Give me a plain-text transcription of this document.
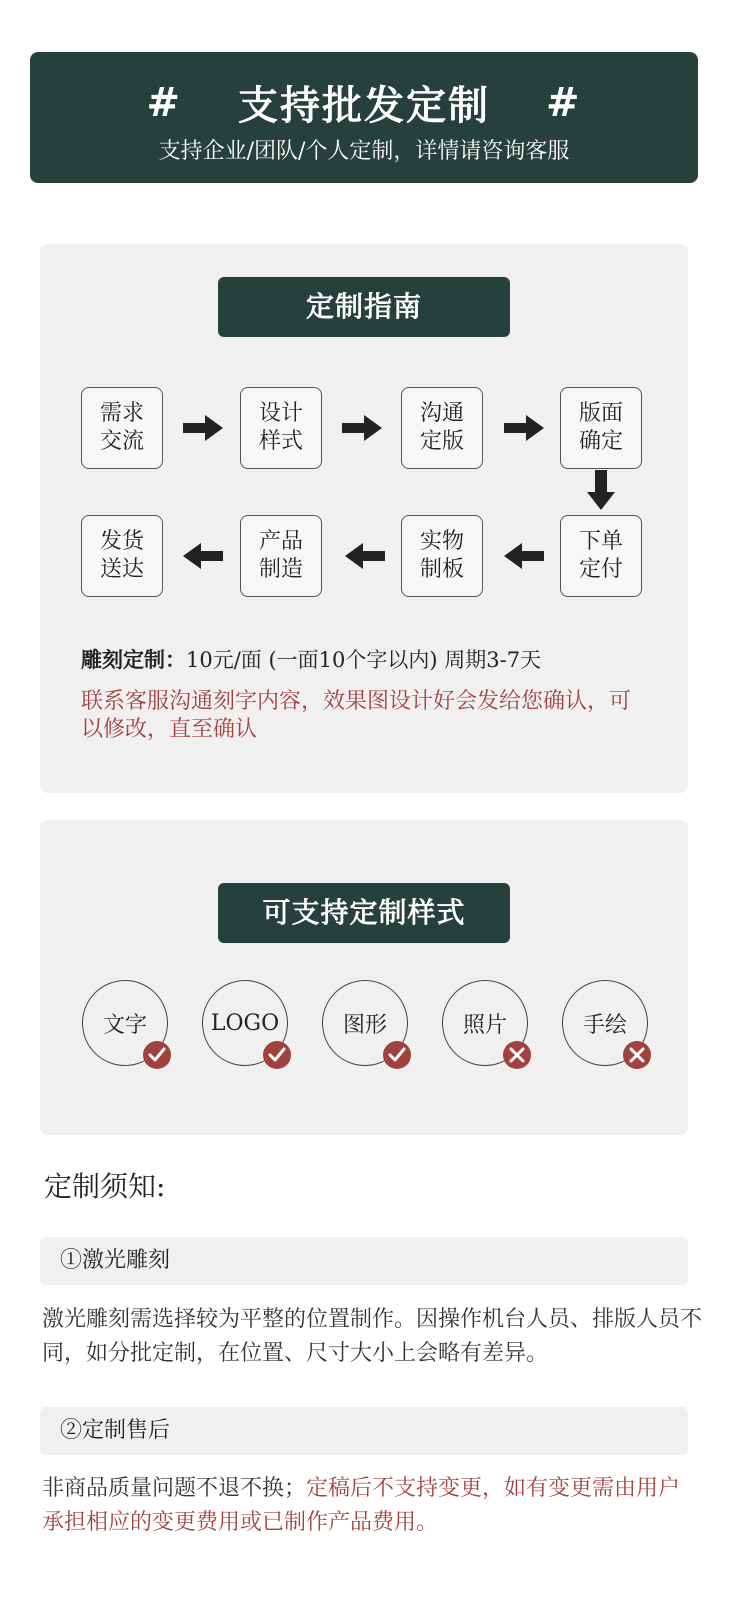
# 支持批发定制 #
支持企业/团队/个人定制，详情请咨询客服
定制指南
需求
交流
设计
样式
沟通
定版
版面
确定
下单
定付
实物
制板
产品
制造
发货
送达
雕刻定制：10元/面 (一面10个字以内) 周期3-7天
联系客服沟通刻字内容，效果图设计好会发给您确认，可以修改，直至确认
可支持定制样式
文字	LOGO	图形	照片	手绘
定制须知:
①激光雕刻
激光雕刻需选择较为平整的位置制作。因操作机台人员、排版人员不同，如分批定制，在位置、尺寸大小上会略有差异。
②定制售后
非商品质量问题不退不换；定稿后不支持变更，如有变更需由用户承担相应的变更费用或已制作产品费用。
